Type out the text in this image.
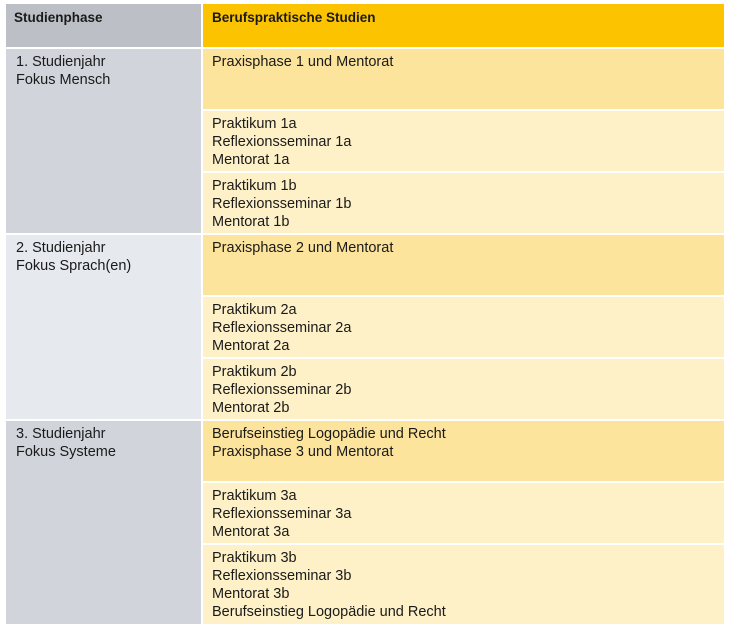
Studienphase	Berufspraktische Studien
1. Studienjahr
Fokus Mensch
2. Studienjahr
Fokus Sprach(en)
3. Studienjahr
Fokus Systeme
Praxisphase 1 und Mentorat
Praktikum 1a
Reflexionsseminar 1a
Mentorat 1a
Praktikum 1b
Reflexionsseminar 1b
Mentorat 1b
Praxisphase 2 und Mentorat
Praktikum 2a
Reflexionsseminar 2a
Mentorat 2a
Praktikum 2b
Reflexionsseminar 2b
Mentorat 2b
Berufseinstieg Logopädie und Recht
Praxisphase 3 und Mentorat
Praktikum 3a
Reflexionsseminar 3a
Mentorat 3a
Praktikum 3b
Reflexionsseminar 3b
Mentorat 3b
Berufseinstieg Logopädie und Recht
